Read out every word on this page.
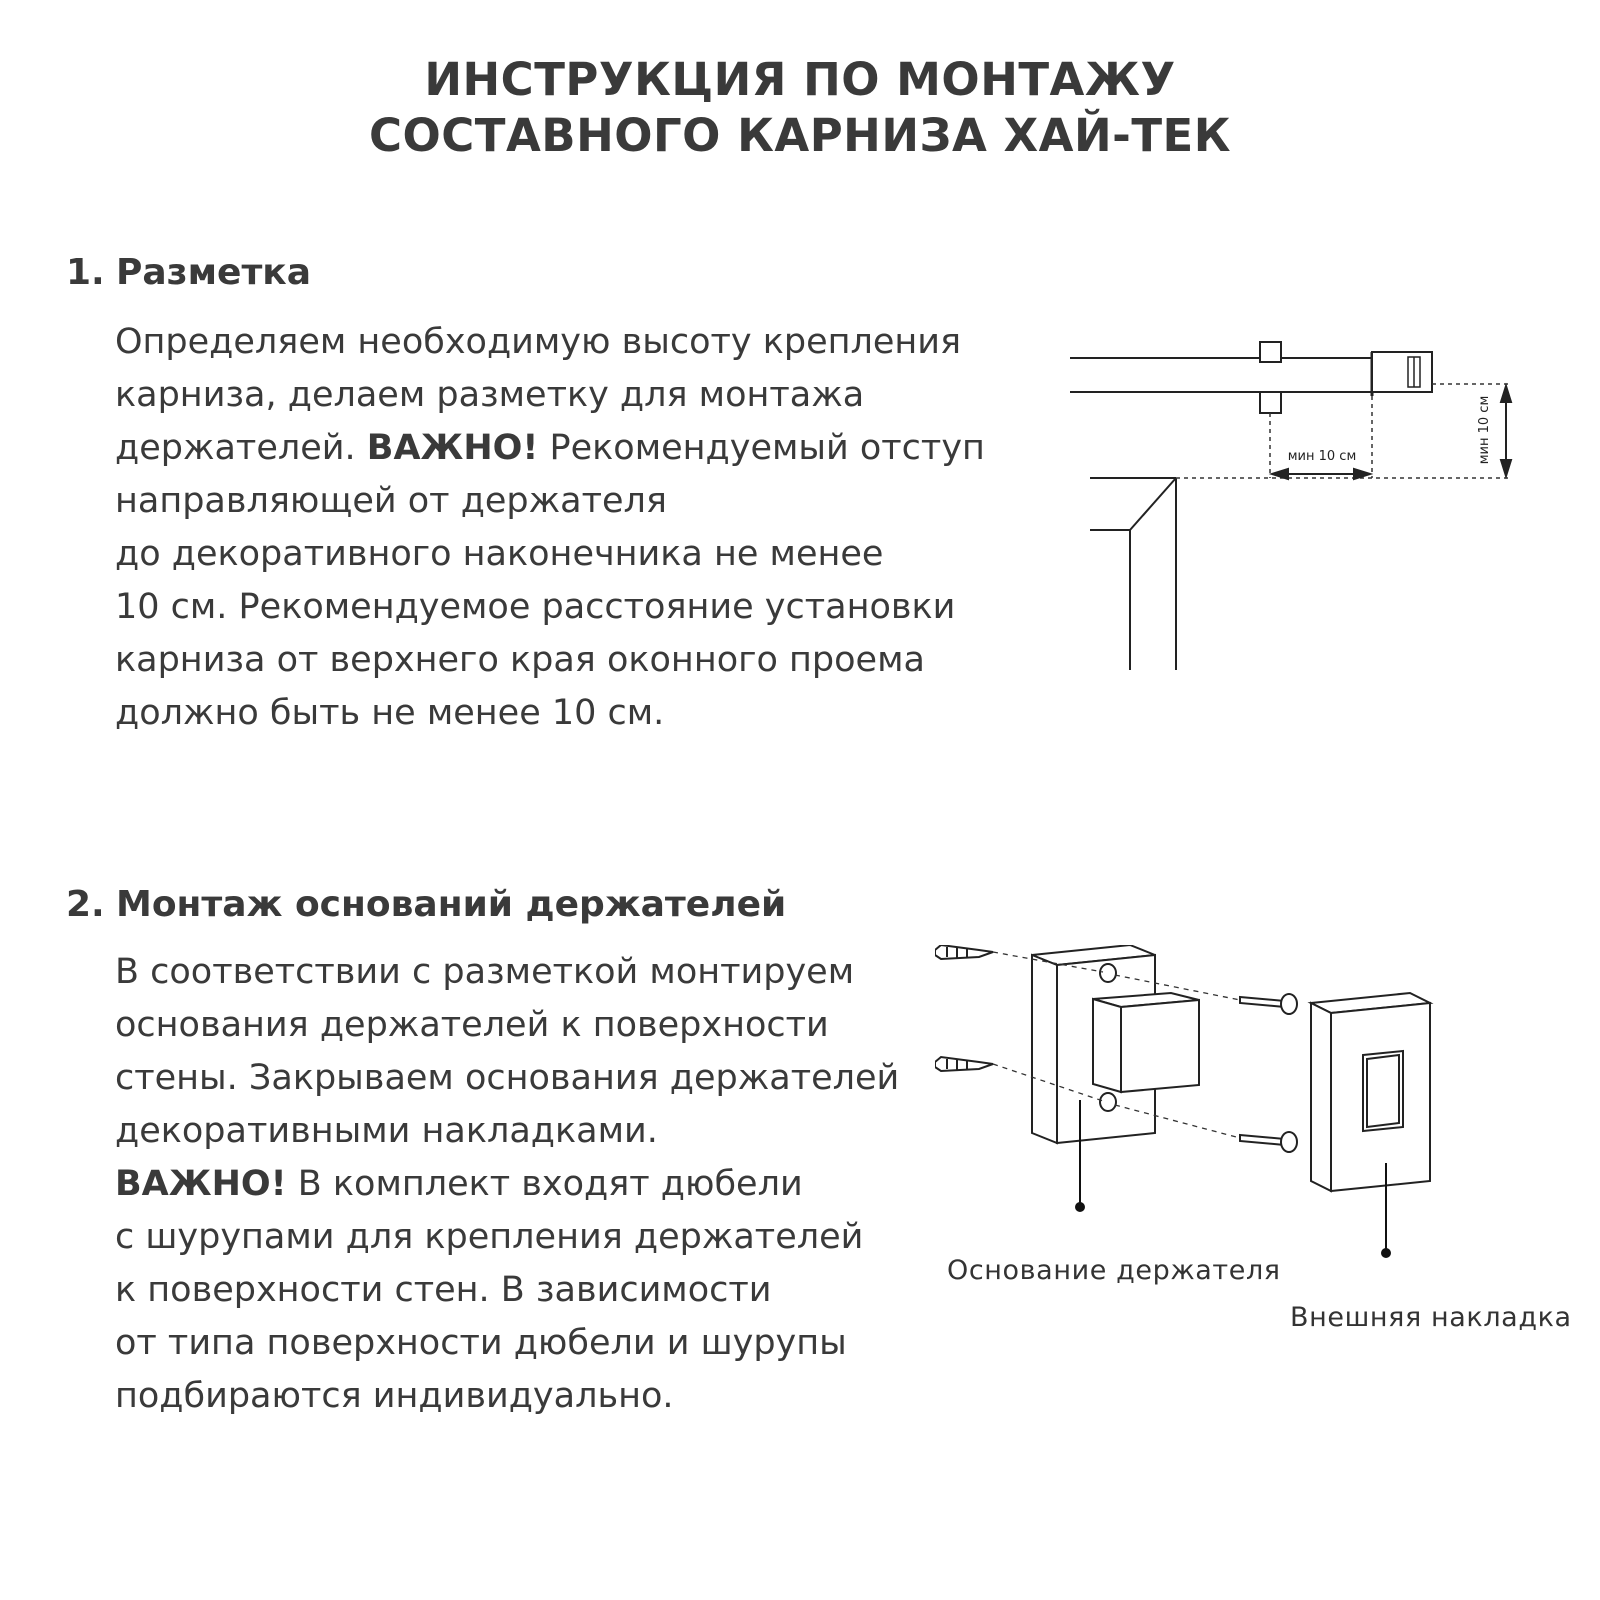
ИНСТРУКЦИЯ ПО МОНТАЖУ
СОСТАВНОГО КАРНИЗА ХАЙ-ТЕК
1. Разметка
Определяем необходимую высоту крепления
карниза, делаем разметку для монтажа
держателей. ВАЖНО! Рекомендуемый отступ
направляющей от держателя
до декоративного наконечника не менее
10 см. Рекомендуемое расстояние установки
карниза от верхнего края оконного проема
должно быть не менее 10 см.
мин 10 см	мин 10 см
2. Монтаж оснований держателей
В соответствии с разметкой монтируем
основания держателей к поверхности
стены. Закрываем основания держателей
декоративными накладками.
ВАЖНО! В комплект входят дюбели
с шурупами для крепления держателей
к поверхности стен. В зависимости
от типа поверхности дюбели и шурупы
подбираются индивидуально.
Основание держателя
Внешняя накладка
